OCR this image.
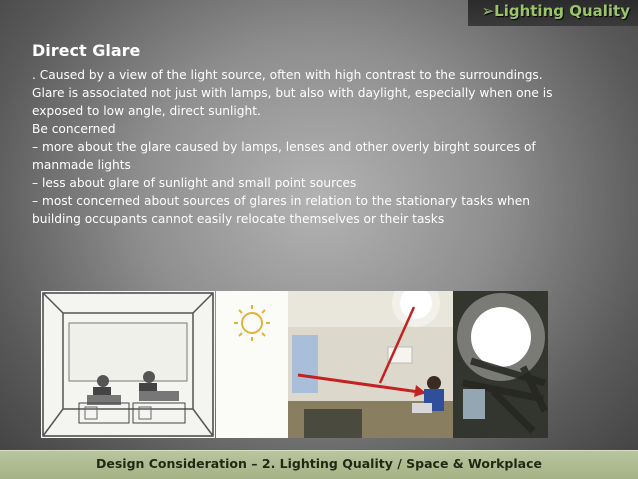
➢Lighting Quality
Direct Glare
. Caused by a view of the light source, often with high contrast to the surroundings.
Glare is associated not just with lamps, but also with daylight, especially when one is
exposed to low angle, direct sunlight.
Be concerned
– more about the glare caused by lamps, lenses and other overly birght sources of
manmade lights
– less about glare of sunlight and small point sources
– most concerned about sources of glares in relation to the stationary tasks when
building occupants cannot easily relocate themselves or their tasks
Design Consideration – 2. Lighting Quality / Space & Workplace
